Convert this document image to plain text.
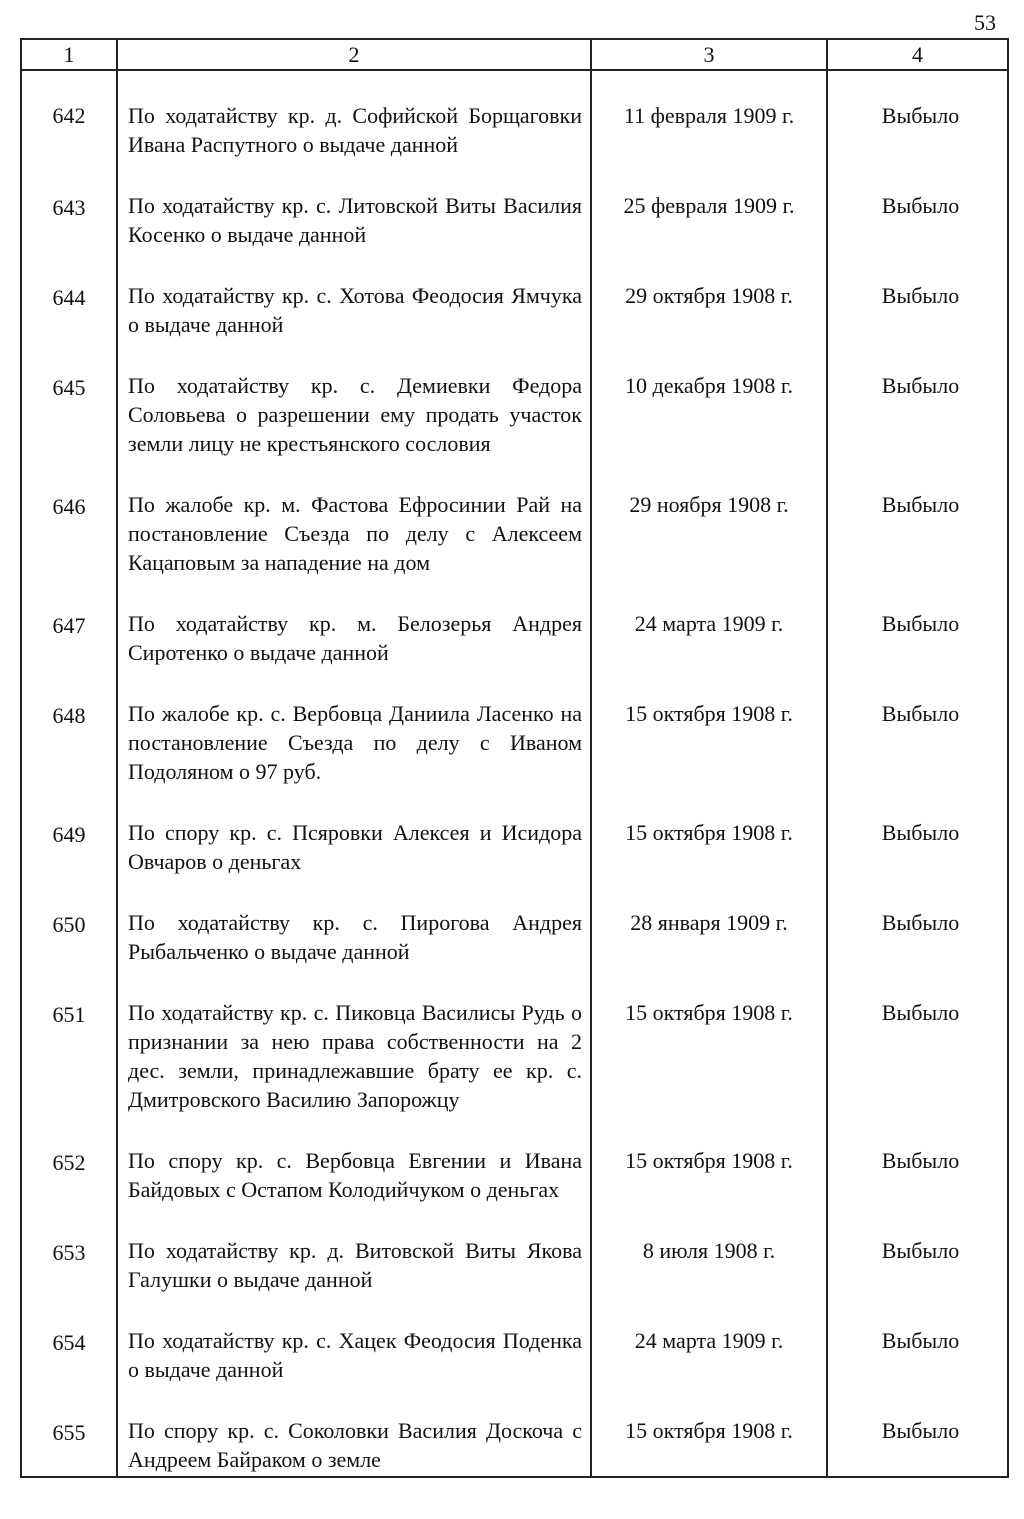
53
1	2	3	4
642	По ходатайству кр. д. Софийской Борщаговки Ивана Распутного о выдаче данной	11 февраля 1909 г.	Выбыло
643	По ходатайству кр. с. Литовской Виты Василия Косенко о выдаче данной	25 февраля 1909 г.	Выбыло
644	По ходатайству кр. с. Хотова Феодосия Ямчука о выдаче данной	29 октября 1908 г.	Выбыло
645	По ходатайству кр. с. Демиевки Федора Соловьева о разрешении ему продать участок земли лицу не крестьянского сословия	10 декабря 1908 г.	Выбыло
646	По жалобе кр. м. Фастова Ефросинии Рай на постановление Съезда по делу с Алексеем Кацаповым за нападение на дом	29 ноября 1908 г.	Выбыло
647	По ходатайству кр. м. Белозерья Андрея Сиротенко о выдаче данной	24 марта 1909 г.	Выбыло
648	По жалобе кр. с. Вербовца Даниила Ласенко на постановление Съезда по делу с Иваном Подоляном о 97 руб.	15 октября 1908 г.	Выбыло
649	По спору кр. с. Псяровки Алексея и Исидора Овчаров о деньгах	15 октября 1908 г.	Выбыло
650	По ходатайству кр. с. Пирогова Андрея Рыбальченко о выдаче данной	28 января 1909 г.	Выбыло
651	По ходатайству кр. с. Пиковца Василисы Рудь о признании за нею права собственности на 2 дес. земли, принадлежавшие брату ее кр. с. Дмитровского Василию Запорожцу	15 октября 1908 г.	Выбыло
652	По спору кр. с. Вербовца Евгении и Ивана Байдовых с Остапом Колодийчуком о деньгах	15 октября 1908 г.	Выбыло
653	По ходатайству кр. д. Витовской Виты Якова Галушки о выдаче данной	8 июля 1908 г.	Выбыло
654	По ходатайству кр. с. Хацек Феодосия Поденка о выдаче данной	24 марта 1909 г.	Выбыло
655	По спору кр. с. Соколовки Василия Доскоча с Андреем Байраком о земле	15 октября 1908 г.	Выбыло
